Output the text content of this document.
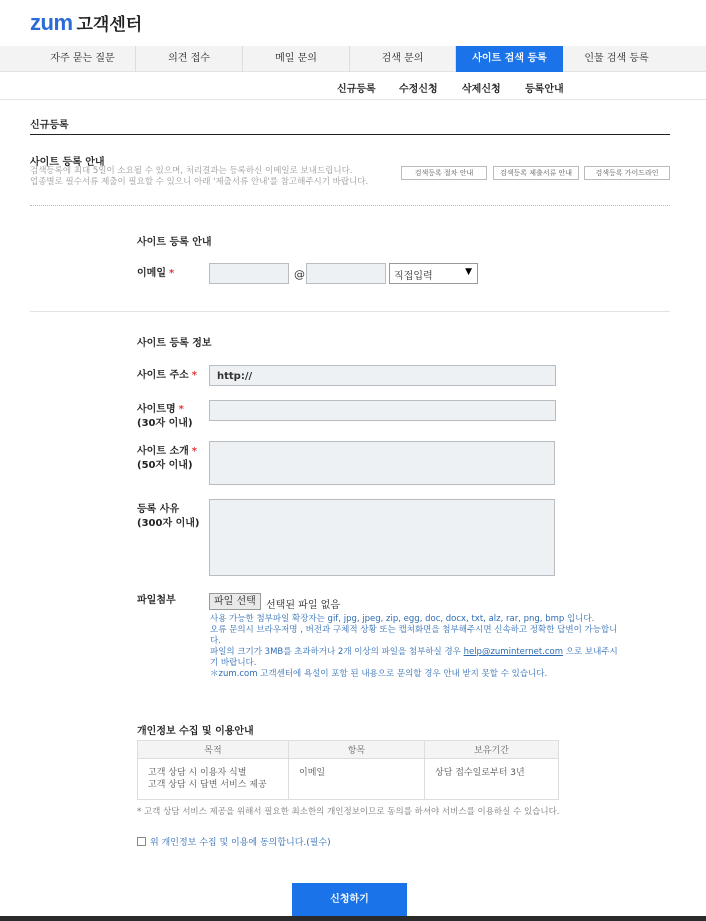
zum 고객센터
자주 묻는 질문	의견 접수	메일 문의	검색 문의	사이트 검색 등록	인물 검색 등록
신규등록 수정신청 삭제신청 등록안내
신규등록
사이트 등록 안내
검색등록에 최대 5일이 소요될 수 있으며, 처리결과는 등록하신 이메일로 보내드립니다.
업종별로 필수서류 제출이 필요할 수 있으니 아래 '제출서류 안내'를 참고해주시기 바랍니다.
검색등록 절차 안내	검색등록 제출서류 안내	검색등록 가이드라인
사이트 등록 안내
이메일 *	@	직접입력	▼
사이트 등록 정보
사이트 주소 *	http://
사이트명 *
(30자 이내)
사이트 소개 *
(50자 이내)
등록 사유
(300자 이내)
파일첨부	파일 선택	선택된 파일 없음
사용 가능한 첨부파일 확장자는 gif, jpg, jpeg, zip, egg, doc, docx, txt, alz, rar, png, bmp 입니다.
오류 문의시 브라우저명 , 버전과 구체적 상황 또는 캡쳐화면을 첨부해주시면 신속하고 정확한 답변이 가능합니다.
파일의 크기가 3MB를 초과하거나 2개 이상의 파일을 첨부하실 경우 help@zuminternet.com 으로 보내주시기 바랍니다.
＊zum.com 고객센터에 욕설이 포함 된 내용으로 문의할 경우 안내 받지 못할 수 있습니다.
개인정보 수집 및 이용안내
목적	항목	보유기간

고객 상담 시 이용자 식별
고객 상담 시 답변 서비스 제공	이메일	상담 접수일로부터 3년
* 고객 상담 서비스 제공을 위해서 필요한 최소한의 개인정보이므로 동의를 하셔야 서비스를 이용하실 수 있습니다.
위 개인정보 수집 및 이용에 동의합니다.(필수)
신청하기
